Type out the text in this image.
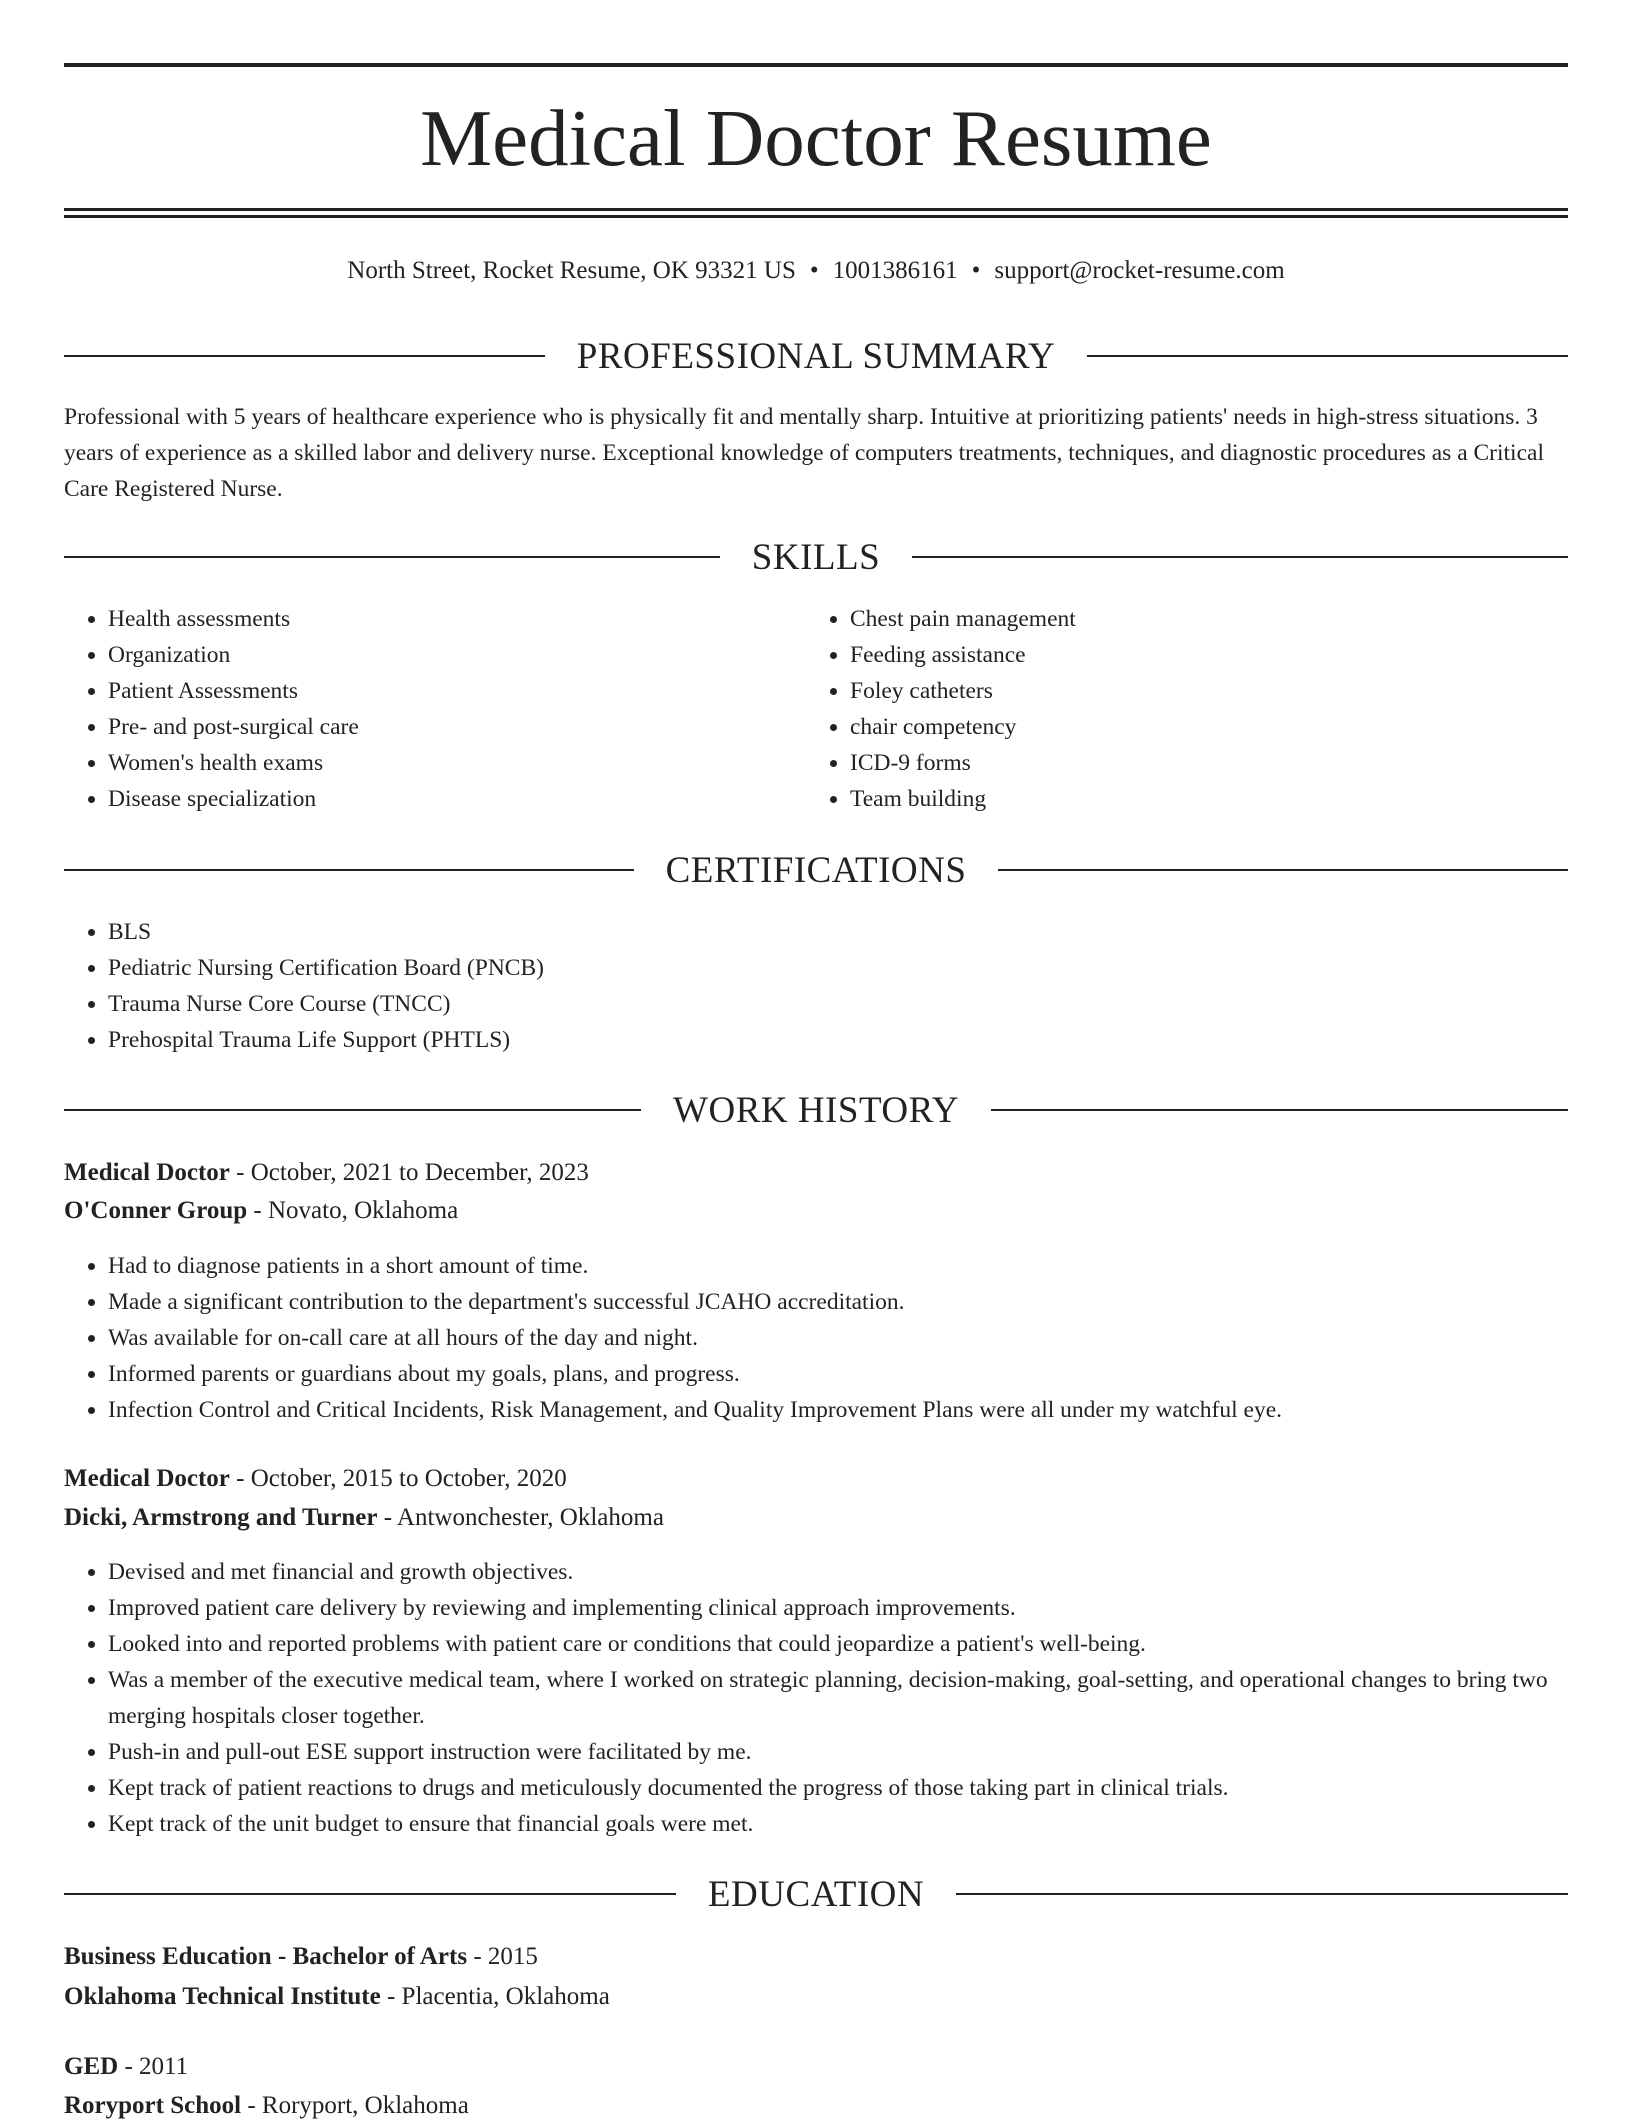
Medical Doctor Resume
North Street, Rocket Resume, OK 93321 US • 1001386161 • support@rocket-resume.com
PROFESSIONAL SUMMARY

Professional with 5 years of healthcare experience who is physically fit and mentally sharp. Intuitive at prioritizing patients' needs in high-stress situations. 3 years of experience as a skilled labor and delivery nurse. Exceptional knowledge of computers treatments, techniques, and diagnostic procedures as a Critical Care Registered Nurse.

SKILLS
• Health assessments
• Organization
• Patient Assessments
• Pre- and post-surgical care
• Women's health exams
• Disease specialization
• Chest pain management
• Feeding assistance
• Foley catheters
• chair competency
• ICD-9 forms
• Team building
CERTIFICATIONS
• BLS
• Pediatric Nursing Certification Board (PNCB)
• Trauma Nurse Core Course (TNCC)
• Prehospital Trauma Life Support (PHTLS)
WORK HISTORY

Medical Doctor - October, 2021 to December, 2023

O'Conner Group - Novato, Oklahoma

• Had to diagnose patients in a short amount of time.
• Made a significant contribution to the department's successful JCAHO accreditation.
• Was available for on-call care at all hours of the day and night.
• Informed parents or guardians about my goals, plans, and progress.
• Infection Control and Critical Incidents, Risk Management, and Quality Improvement Plans were all under my watchful eye.

Medical Doctor - October, 2015 to October, 2020

Dicki, Armstrong and Turner - Antwonchester, Oklahoma

• Devised and met financial and growth objectives.
• Improved patient care delivery by reviewing and implementing clinical approach improvements.
• Looked into and reported problems with patient care or conditions that could jeopardize a patient's well-being.
• Was a member of the executive medical team, where I worked on strategic planning, decision-making, goal-setting, and operational changes to bring two merging hospitals closer together.
• Push-in and pull-out ESE support instruction were facilitated by me.
• Kept track of patient reactions to drugs and meticulously documented the progress of those taking part in clinical trials.
• Kept track of the unit budget to ensure that financial goals were met.
EDUCATION

Business Education - Bachelor of Arts - 2015

Oklahoma Technical Institute - Placentia, Oklahoma

GED - 2011

Roryport School - Roryport, Oklahoma
